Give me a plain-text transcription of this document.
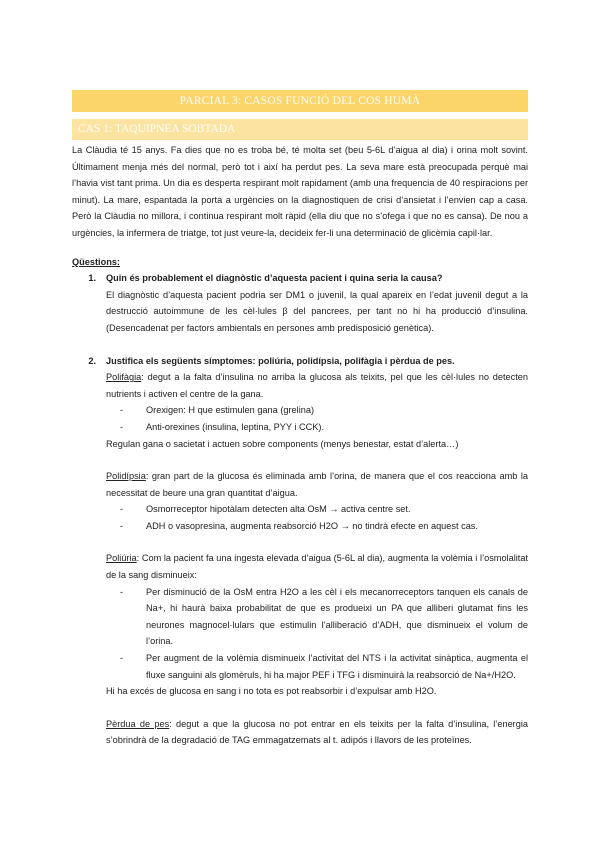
PARCIAL 3: CASOS FUNCIÓ DEL COS HUMÀ
CAS 1: TAQUIPNEA SOBTADA

La Clàudia té 15 anys. Fa dies que no es troba bé, té molta set (beu 5-6L d’aigua al dia) i orina molt sovint. Últimament menja més del normal, però tot i així ha perdut pes. La seva mare està preocupada perquè mai l’havia vist tant prima. Un dia es desperta respirant molt rapidament (amb una frequencia de 40 respiracions per minut). La mare, espantada la porta a urgències on la diagnostiquen de crisi d’ansietat i l’envien cap a casa. Però la Clàudia no millora, i continua respirant molt ràpid (ella diu que no s’ofega i que no es cansa). De nou a urgències, la infermera de triatge, tot just veure-la, decideix fer-li una determinació de glicèmia capil·lar.

Qüestions:

1.	Quin és probablement el diagnòstic d’aquesta pacient i quina seria la causa?

El diagnòstic d’aquesta pacient podria ser DM1 o juvenil, la qual apareix en l’edat juvenil degut a la destrucció autoimmune de les cèl·lules β del pancrees, per tant no hi ha producció d’insulina. (Desencadenat per factors ambientals en persones amb predisposició genètica).

2.	Justifica els següents símptomes: poliúria, polidípsia, polifàgia i pèrdua de pes.

Polifàgia: degut a la falta d’insulina no arriba la glucosa als teixits, pel que les cèl·lules no detecten nutrients i activen el centre de la gana.

-	Orexigen: H que estimulen gana (grelina)
-	Anti-orexines (insulina, leptina, PYY i CCK).

Regulan gana o sacietat i actuen sobre components (menys benestar, estat d’alerta…)

Polidípsia: gran part de la glucosa és eliminada amb l’orina, de manera que el cos reacciona amb la necessitat de beure una gran quantitat d’aigua.

-	Osmorreceptor hipotàlam detecten alta OsM → activa centre set.
-	ADH o vasopresina, augmenta reabsorció H2O → no tindrà efecte en aquest cas.

Poliúria: Com la pacient fa una ingesta elevada d’aigua (5-6L al dia), augmenta la volèmia i l’osmolalitat de la sang disminueix:

-	Per disminució de la OsM entra H2O a les cèl i els mecanorreceptors tanquen els canals de Na+, hi haurà baixa probabilitat de que es produeixi un PA que alliberi glutamat fins les neurones magnocel·lulars que estimulin l’alliberació d’ADH, que disminueix el volum de l’orina.
-	Per augment de la volèmia disminueix l’activitat del NTS i la activitat sinàptica, augmenta el fluxe sanguini als glomèruls, hi ha major PEF i TFG i disminuirà la reabsorció de Na+/H2O.

Hi ha excés de glucosa en sang i no tota es pot reabsorbir i d’expulsar amb H2O.

Pèrdua de pes: degut a que la glucosa no pot entrar en els teixits per la falta d’insulina, l’energia s’obrindrà de la degradació de TAG emmagatzemats al t. adipós i llavors de les proteïnes.
